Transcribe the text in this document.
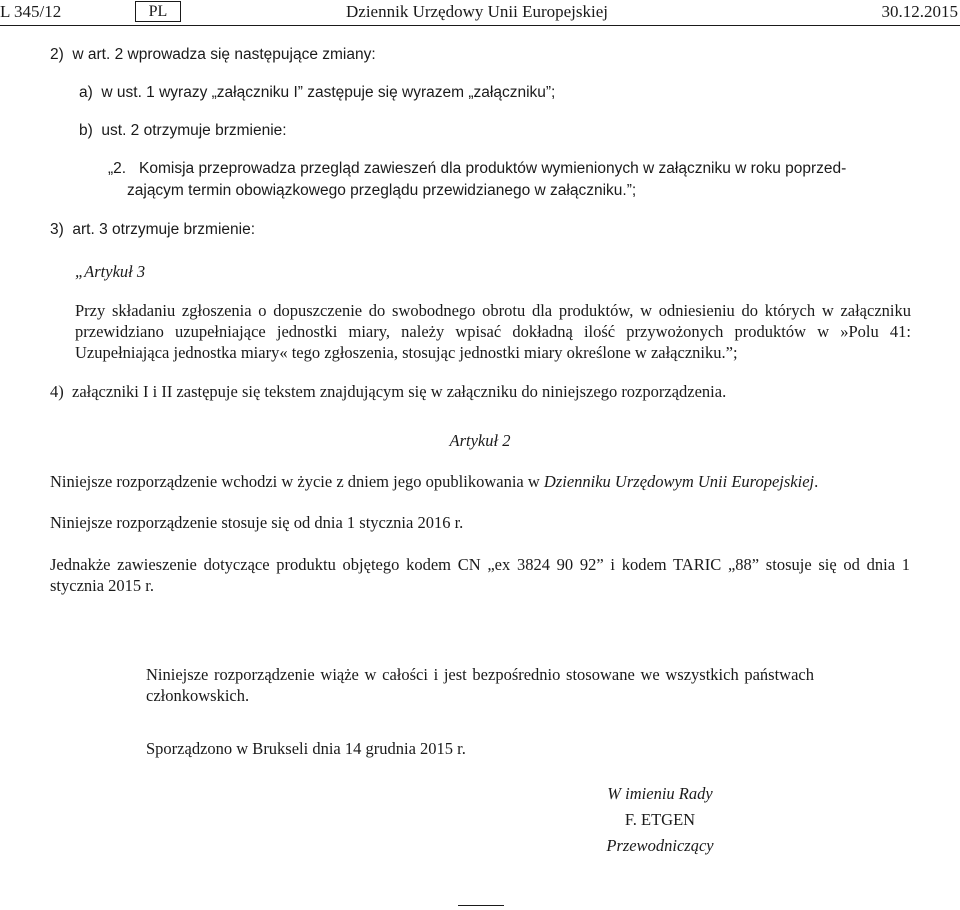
L 345/12	PL	Dziennik Urzędowy Unii Europejskiej	30.12.2015
2)  w art. 2 wprowadza się następujące zmiany:
a)  w ust. 1 wyrazy „załączniku I” zastępuje się wyrazem „załączniku”;
b)  ust. 2 otrzymuje brzmienie:
„2.   Komisja przeprowadza przegląd zawieszeń dla produktów wymienionych w załączniku w roku poprzed-
zającym termin obowiązkowego przeglądu przewidzianego w załączniku.”;
3)  art. 3 otrzymuje brzmienie:
„Artykuł 3
Przy składaniu zgłoszenia o dopuszczenie do swobodnego obrotu dla produktów, w odniesieniu do których w załączniku przewidziano uzupełniające jednostki miary, należy wpisać dokładną ilość przywożonych produktów w »Polu 41: Uzupełniająca jednostka miary« tego zgłoszenia, stosując jednostki miary określone w załączniku.”;
4)  załączniki I i II zastępuje się tekstem znajdującym się w załączniku do niniejszego rozporządzenia.
Artykuł 2
Niniejsze rozporządzenie wchodzi w życie z dniem jego opublikowania w Dzienniku Urzędowym Unii Europejskiej.
Niniejsze rozporządzenie stosuje się od dnia 1 stycznia 2016 r.
Jednakże zawieszenie dotyczące produktu objętego kodem CN „ex 3824 90 92” i kodem TARIC „88” stosuje się od dnia 1 stycznia 2015 r.
Niniejsze rozporządzenie wiąże w całości i jest bezpośrednio stosowane we wszystkich państwach członkowskich.
Sporządzono w Brukseli dnia 14 grudnia 2015 r.
W imieniu Rady
F. ETGEN
Przewodniczący
